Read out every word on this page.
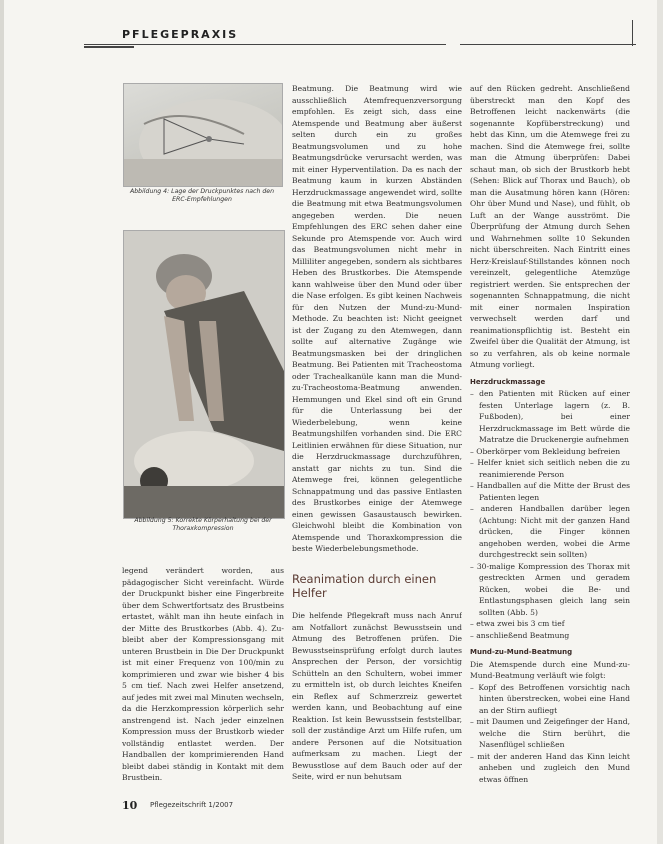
PFLEGEPRAXIS
Abbildung 4: Lage der Druckpunktes nach den ERC-Empfehlungen
Abbildung 5: Korrekte Körperhaltung bei der Thoraxkompression

legend verändert worden, aus pädagogischer Sicht vereinfacht. Würde der Druckpunkt bisher eine Fingerbreite über dem Schwertfortsatz des Brustbeins ertastet, wählt man ihn heute einfach in der Mitte des Brustkorbes (Abb. 4). Zu- bleibt aber der Kompressionsgang mit unteren Brustbein in Die Der Druckpunkt ist mit einer Frequenz von 100/min zu komprimieren und zwar wie bisher 4 bis 5 cm tief. Nach zwei Helfer ansetzend, auf jedes mit zwei mal Minuten wechseln, da die Herzkompression körperlich sehr anstrengend ist. Nach jeder einzelnen Kompression muss der Brustkorb wieder vollständig entlastet werden. Der Handballen der komprimierenden Hand bleibt dabei ständig in Kontakt mit dem Brustbein.

Beatmung. Die Beatmung wird wie ausschließlich Atemfrequenzversorgung empfohlen. Es zeigt sich, dass eine Atemspende und Beatmung aber äußerst selten durch ein zu großes Beatmungsvolumen und zu hohe Beatmungsdrücke verursacht werden, was mit einer Hyperventilation. Da es nach der Beatmung kaum in kurzen Abständen Herzdruckmassage angewendet wird, sollte die Beatmung mit etwa Beatmungsvolumen angegeben werden. Die neuen Empfehlungen des ERC sehen daher eine Sekunde pro Atemspende vor. Auch wird das Beatmungsvolumen nicht mehr in Milliliter angegeben, sondern als sichtbares Heben des Brustkorbes. Die Atemspende kann wahlweise über den Mund oder über die Nase erfolgen. Es gibt keinen Nachweis für den Nutzen der Mund-zu-Mund-Methode. Zu beachten ist: Nicht geeignet ist der Zugang zu den Atemwegen, dann sollte auf alternative Zugänge wie Beatmungsmasken bei der dringlichen Beatmung. Bei Patienten mit Tracheostoma oder Trachealkanüle kann man die Mund-zu-Tracheostoma-Beatmung anwenden. Hemmungen und Ekel sind oft ein Grund für die Unterlassung bei der Wiederbelebung, wenn keine Beatmungshilfen vorhanden sind. Die ERC Leitlinien erwähnen für diese Situation, nur die Herzdruckmassage durchzuführen, anstatt gar nichts zu tun. Sind die Atemwege frei, können gelegentliche Schnappatmung und das passive Entlasten des Brustkorbes einige der Atemwege einen gewissen Gasaustausch bewirken. Gleichwohl bleibt die Kombination von Atemspende und Thoraxkompression die beste Wiederbelebungsmethode.

Reanimation durch einen Helfer

Die helfende Pflegekraft muss nach Anruf am Notfallort zunächst Bewusstsein und Atmung des Betroffenen prüfen. Die Bewusstseinsprüfung erfolgt durch lautes Ansprechen der Person, der vorsichtig Schütteln an den Schultern, wobei immer zu ermitteln ist, ob durch leichtes Kneifen ein Reflex auf Schmerzreiz gewertet werden kann, und Beobachtung auf eine Reaktion. Ist kein Bewusstsein feststellbar, soll der zuständige Arzt um Hilfe rufen, um andere Personen auf die Notsituation aufmerksam zu machen. Liegt der Bewusstlose auf dem Bauch oder auf der Seite, wird er nun behutsam

auf den Rücken gedreht. Anschließend überstreckt man den Kopf des Betroffenen leicht nackenwärts (die sogenannte Kopfüberstreckung) und hebt das Kinn, um die Atemwege frei zu machen. Sind die Atemwege frei, sollte man die Atmung überprüfen: Dabei schaut man, ob sich der Brustkorb hebt (Sehen: Blick auf Thorax und Bauch), ob man die Ausatmung hören kann (Hören: Ohr über Mund und Nase), und fühlt, ob Luft an der Wange ausströmt. Die Überprüfung der Atmung durch Sehen und Wahrnehmen sollte 10 Sekunden nicht überschreiten. Nach Eintritt eines Herz-Kreislauf-Stillstandes können noch vereinzelt, gelegentliche Atemzüge registriert werden. Sie entsprechen der sogenannten Schnappatmung, die nicht mit einer normalen Inspiration verwechselt werden darf und reanimationspflichtig ist. Besteht ein Zweifel über die Qualität der Atmung, ist so zu verfahren, als ob keine normale Atmung vorliegt.

Herzdruckmassage
– den Patienten mit Rücken auf einer festen Unterlage lagern (z. B. Fußboden), bei einer Herzdruckmassage im Bett würde die Matratze die Druckenergie aufnehmen
– Oberkörper vom Bekleidung befreien
– Helfer kniet sich seitlich neben die zu reanimierende Person
– Handballen auf die Mitte der Brust des Patienten legen
– anderen Handballen darüber legen (Achtung: Nicht mit der ganzen Hand drücken, die Finger können angehoben werden, wobei die Arme durchgestreckt sein sollten)
– 30-malige Kompression des Thorax mit gestreckten Armen und geradem Rücken, wobei die Be- und Entlastungsphasen gleich lang sein sollten (Abb. 5)
– etwa zwei bis 3 cm tief
– anschließend Beatmung
Mund-zu-Mund-Beatmung

Die Atemspende durch eine Mund-zu-Mund-Beatmung verläuft wie folgt:

– Kopf des Betroffenen vorsichtig nach hinten überstrecken, wobei eine Hand an der Stirn aufliegt
– mit Daumen und Zeigefinger der Hand, welche die Stirn berührt, die Nasenflügel schließen
– mit der anderen Hand das Kinn leicht anheben und zugleich den Mund etwas öffnen
10 Pflegezeitschrift 1/2007
